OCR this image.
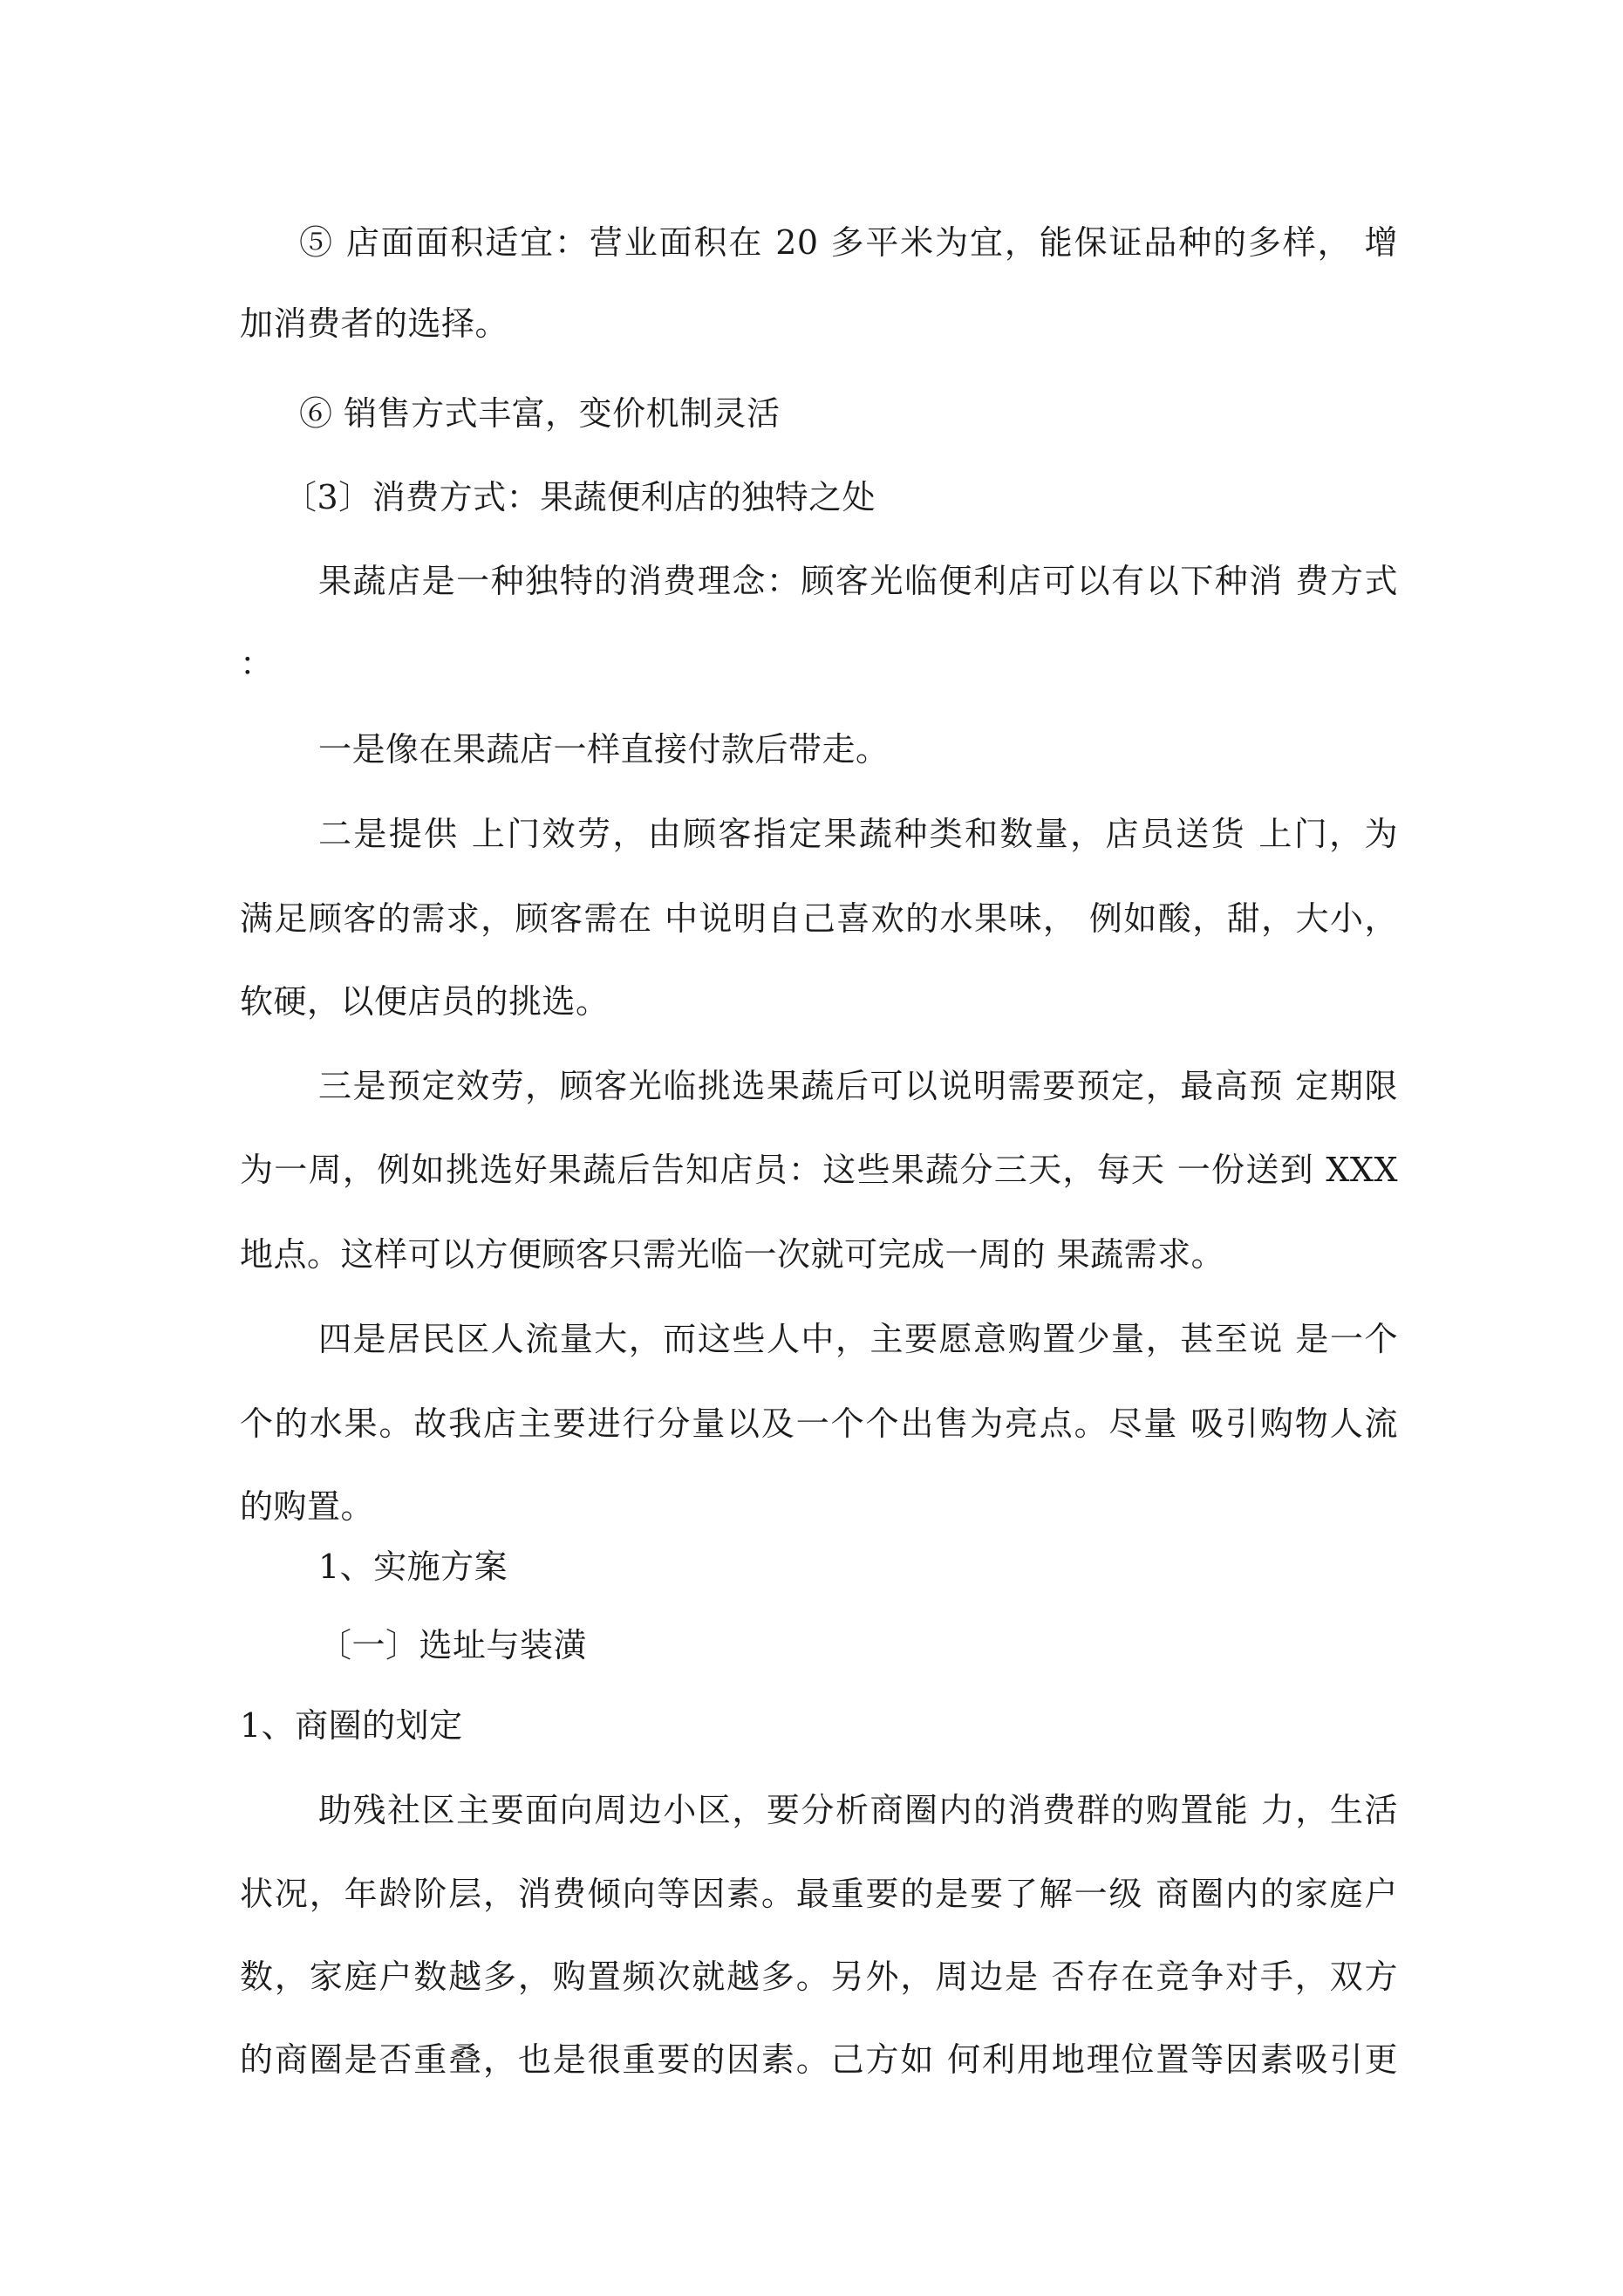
⑤ 店面面积适宜：营业面积在 20 多平米为宜，能保证品种的多样， 增
加消费者的选择。
⑥ 销售方式丰富，变价机制灵活
〔3〕消费方式：果蔬便利店的独特之处
果蔬店是一种独特的消费理念：顾客光临便利店可以有以下种消 费方式
：
一是像在果蔬店一样直接付款后带走。
二是提供 上门效劳，由顾客指定果蔬种类和数量，店员送货 上门，为
满足顾客的需求，顾客需在 中说明自己喜欢的水果味， 例如酸，甜，大小，
软硬，以便店员的挑选。
三是预定效劳，顾客光临挑选果蔬后可以说明需要预定，最高预 定期限
为一周，例如挑选好果蔬后告知店员：这些果蔬分三天，每天 一份送到 XXX
地点。这样可以方便顾客只需光临一次就可完成一周的 果蔬需求。
四是居民区人流量大，而这些人中，主要愿意购置少量，甚至说 是一个
个的水果。故我店主要进行分量以及一个个出售为亮点。尽量 吸引购物人流
的购置。
1、实施方案
〔一〕选址与装潢
1、商圈的划定
助残社区主要面向周边小区，要分析商圈内的消费群的购置能 力，生活
状况，年龄阶层，消费倾向等因素。最重要的是要了解一级 商圈内的家庭户
数，家庭户数越多，购置频次就越多。另外，周边是 否存在竞争对手，双方
的商圈是否重叠，也是很重要的因素。己方如 何利用地理位置等因素吸引更
